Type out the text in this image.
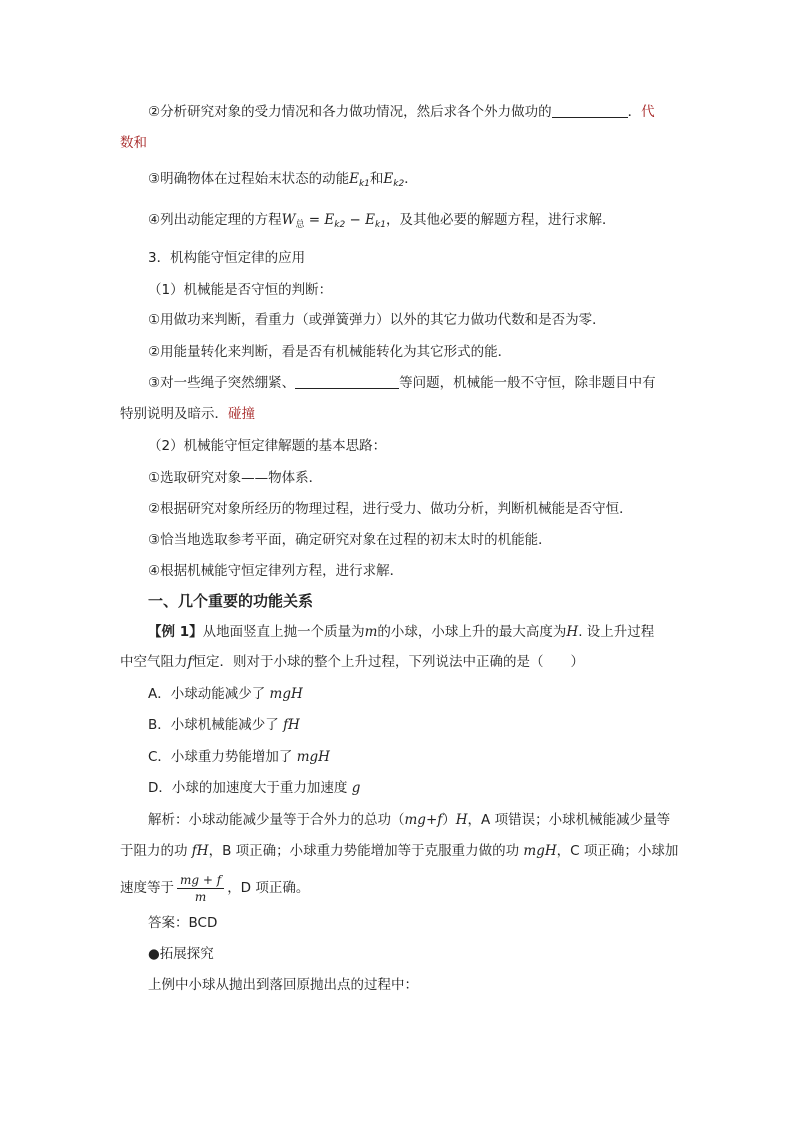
②分析研究对象的受力情况和各力做功情况，然后求各个外力做功的	．代
数和
③明确物体在过程始末状态的动能$E_{k1}$和$E_{k2}$．
④列出动能定理的方程$W_总 = E_{k2} - E_{k1}$，及其他必要的解题方程，进行求解．
3．机构能守恒定律的应用
（1）机械能是否守恒的判断：
①用做功来判断，看重力（或弹簧弹力）以外的其它力做功代数和是否为零．
②用能量转化来判断，看是否有机械能转化为其它形式的能．
③对一些绳子突然绷紧、	等问题，机械能一般不守恒，除非题目中有
特别说明及暗示．碰撞
（2）机械能守恒定律解题的基本思路：
①选取研究对象——物体系．
②根据研究对象所经历的物理过程，进行受力、做功分析，判断机械能是否守恒．
③恰当地选取参考平面，确定研究对象在过程的初末太时的机能能．
④根据机械能守恒定律列方程，进行求解．
一、几个重要的功能关系
【例 1】从地面竖直上抛一个质量为m的小球，小球上升的最大高度为H. 设上升过程
中空气阻力f恒定．则对于小球的整个上升过程，下列说法中正确的是（　　）
A．小球动能减少了 mgH
B．小球机械能减少了 fH
C．小球重力势能增加了 mgH
D．小球的加速度大于重力加速度 g
解析：小球动能减少量等于合外力的总功（mg+f）H，A 项错误；小球机械能减少量等
于阻力的功 fH，B 项正确；小球重力势能增加等于克服重力做的功 mgH，C 项正确；小球加
速度等于 $\frac{mg + f}{m}$ ，D 项正确。
答案：BCD
●拓展探究
上例中小球从抛出到落回原抛出点的过程中：
